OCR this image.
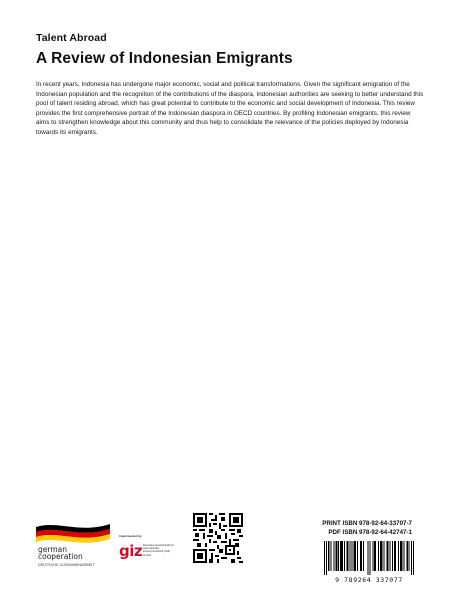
Talent Abroad
A Review of Indonesian Emigrants

In recent years, Indonesia has undergone major economic, social and political transformations. Given the significant emigration of the Indonesian population and the recognition of the contributions of the diaspora, Indonesian authorities are seeking to better understand this pool of talent residing abroad, which has great potential to contribute to the economic and social development of Indonesia. This review provides the first comprehensive portrait of the Indonesian diaspora in OECD countries. By profiling Indonesian emigrants, this review aims to strengthen knowledge about this community and thus help to consolidate the relevance of the policies deployed by Indonesia towards its emigrants.

german
cooperation
DEUTSCHE ZUSAMMENARBEIT
Implemented by
giz Deutsche Gesellschaft für Internationale Zusammenarbeit (GIZ) GmbH
PRINT ISBN 978-92-64-33707-7
PDF ISBN 978-92-64-42747-1
9 789264 337077
